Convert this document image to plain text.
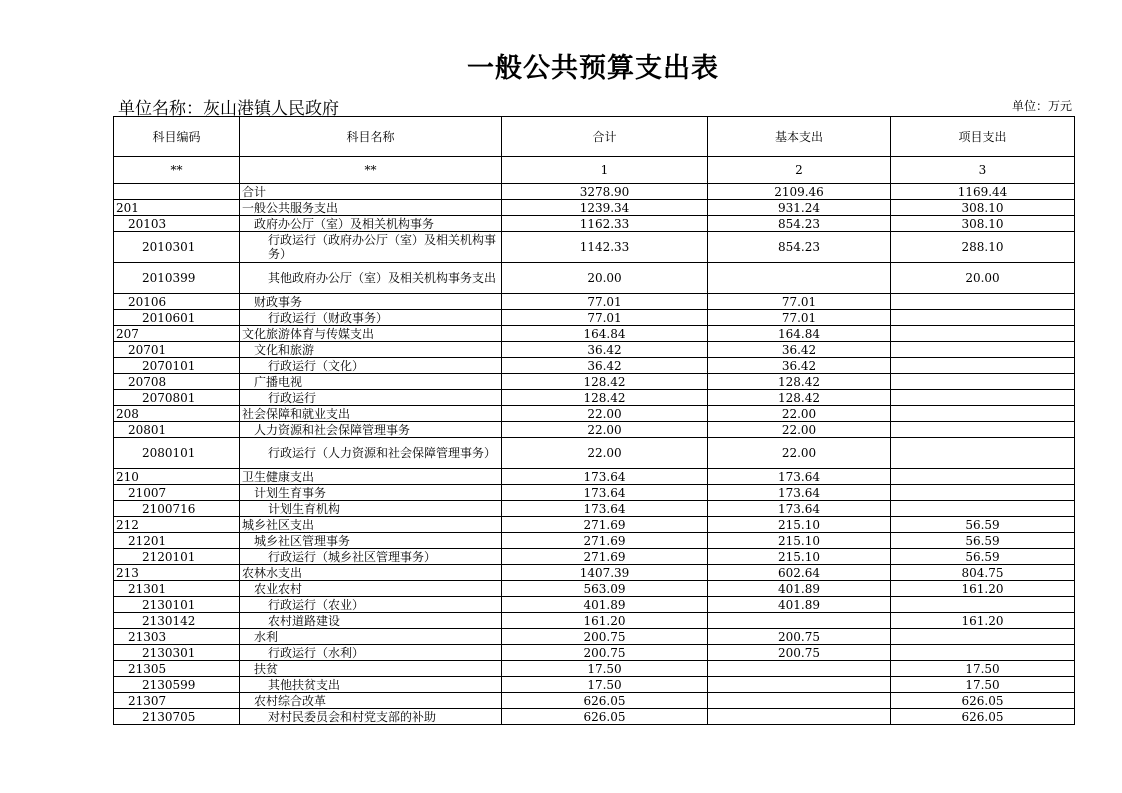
一般公共预算支出表
单位名称：灰山港镇人民政府	单位：万元
科目编码	科目名称	合计	基本支出	项目支出
**	**	1	2	3
	合计	3278.90	2109.46	1169.44
201	一般公共服务支出	1239.34	931.24	308.10
20103	政府办公厅（室）及相关机构事务	1162.33	854.23	308.10
2010301	行政运行（政府办公厅（室）及相关机构事务）	1142.33	854.23	288.10
2010399	其他政府办公厅（室）及相关机构事务支出	20.00		20.00
20106	财政事务	77.01	77.01	
2010601	行政运行（财政事务）	77.01	77.01	
207	文化旅游体育与传媒支出	164.84	164.84	
20701	文化和旅游	36.42	36.42	
2070101	行政运行（文化）	36.42	36.42	
20708	广播电视	128.42	128.42	
2070801	行政运行	128.42	128.42	
208	社会保障和就业支出	22.00	22.00	
20801	人力资源和社会保障管理事务	22.00	22.00	
2080101	行政运行（人力资源和社会保障管理事务）	22.00	22.00	
210	卫生健康支出	173.64	173.64	
21007	计划生育事务	173.64	173.64	
2100716	计划生育机构	173.64	173.64	
212	城乡社区支出	271.69	215.10	56.59
21201	城乡社区管理事务	271.69	215.10	56.59
2120101	行政运行（城乡社区管理事务）	271.69	215.10	56.59
213	农林水支出	1407.39	602.64	804.75
21301	农业农村	563.09	401.89	161.20
2130101	行政运行（农业）	401.89	401.89	
2130142	农村道路建设	161.20		161.20
21303	水利	200.75	200.75	
2130301	行政运行（水利）	200.75	200.75	
21305	扶贫	17.50		17.50
2130599	其他扶贫支出	17.50		17.50
21307	农村综合改革	626.05		626.05
2130705	对村民委员会和村党支部的补助	626.05		626.05
